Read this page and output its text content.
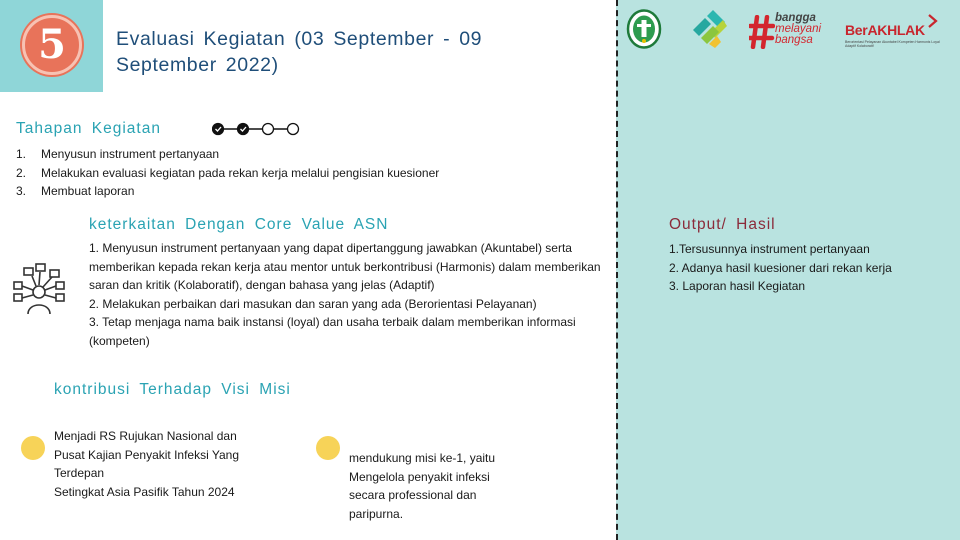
5	Evaluasi Kegiatan (03 September - 09 September 2022)
bangga
melayani
bangsa
BerAKHLAK
Berorientasi Pelayanan Akuntabel Kompeten Harmonis Loyal Adaptif Kolaboratif
Tahapan Kegiatan
1.	Menyusun instrument pertanyaan
2.	Melakukan evaluasi kegiatan pada rekan kerja melalui pengisian kuesioner
3.	Membuat laporan
keterkaitan Dengan Core Value ASN

1. Menyusun instrument pertanyaan yang dapat dipertanggung jawabkan (Akuntabel) serta memberikan kepada rekan kerja atau mentor untuk berkontribusi (Harmonis) dalam memberikan saran dan kritik (Kolaboratif), dengan bahasa yang jelas (Adaptif)

2. Melakukan perbaikan dari masukan dan saran yang ada (Berorientasi Pelayanan)

3. Tetap menjaga nama baik instansi (loyal) dan usaha terbaik dalam memberikan informasi (kompeten)

kontribusi Terhadap Visi Misi
Menjadi RS Rujukan Nasional dan
Pusat Kajian Penyakit Infeksi Yang
Terdepan
Setingkat Asia Pasifik Tahun 2024
mendukung misi ke-1, yaitu
Mengelola penyakit infeksi
secara professional dan
paripurna.
Output/ Hasil
1.Tersusunnya instrument pertanyaan
2. Adanya hasil kuesioner dari rekan kerja
3. Laporan hasil Kegiatan
